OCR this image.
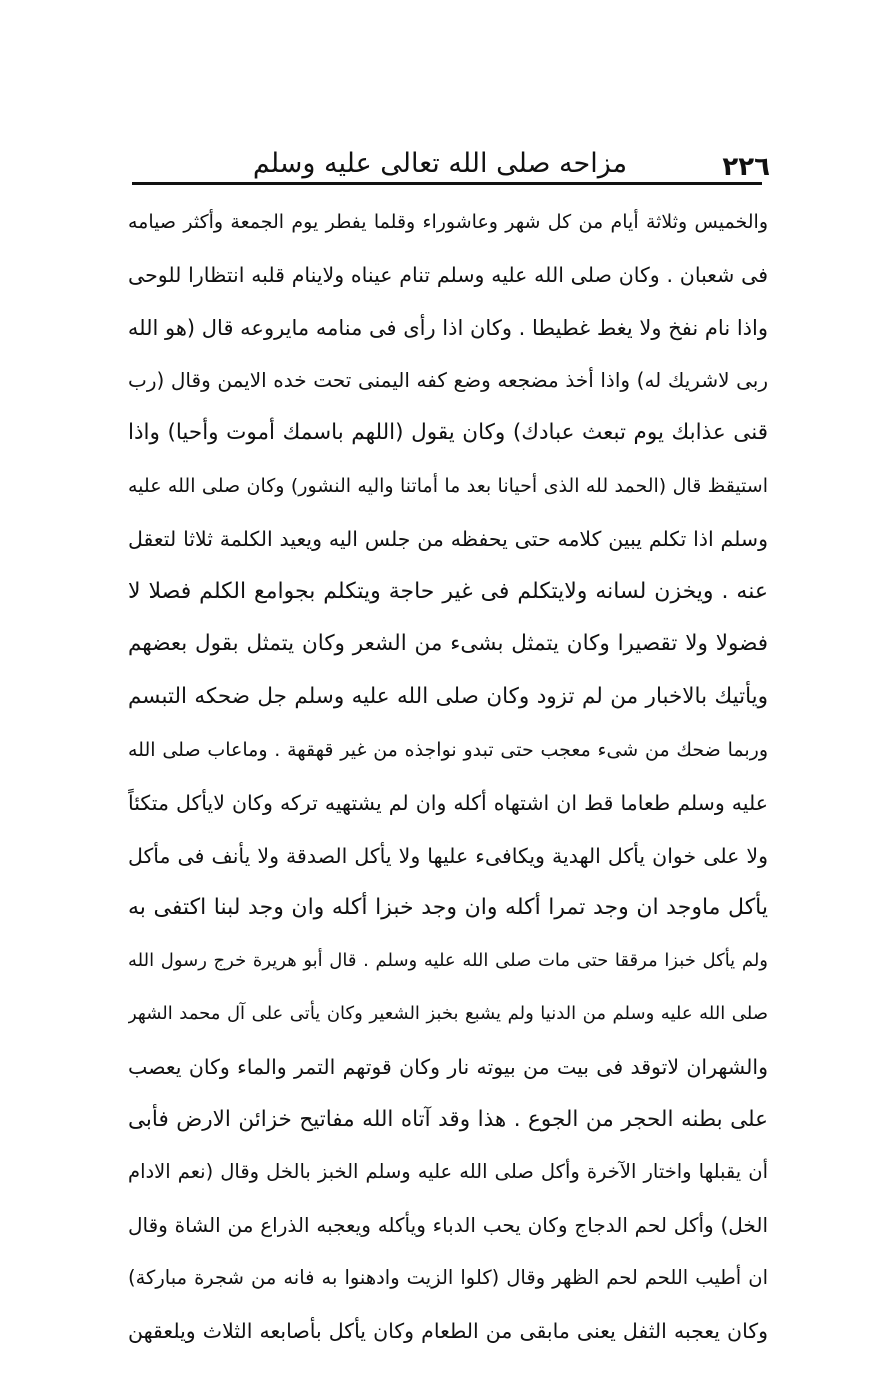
٢٢٦
مزاحه صلى الله تعالى عليه وسلم
والخميس وثلاثة أيام من كل شهر وعاشوراء وقلما يفطر يوم الجمعة وأكثر صيامه
فى شعبان . وكان صلى الله عليه وسلم تنام عيناه ولاينام قلبه انتظارا للوحى
واذا نام نفخ ولا يغط غطيطا . وكان اذا رأى فى منامه مايروعه قال (هو الله
ربى لاشريك له) واذا أخذ مضجعه وضع كفه اليمنى تحت خده الايمن وقال (رب
قنى عذابك يوم تبعث عبادك) وكان يقول (اللهم باسمك أموت وأحيا) واذا
استيقظ قال (الحمد لله الذى أحيانا بعد ما أماتنا واليه النشور) وكان صلى الله عليه
وسلم اذا تكلم يبين كلامه حتى يحفظه من جلس اليه ويعيد الكلمة ثلاثا لتعقل
عنه . ويخزن لسانه ولايتكلم فى غير حاجة ويتكلم بجوامع الكلم فصلا لا
فضولا ولا تقصيرا وكان يتمثل بشىء من الشعر وكان يتمثل بقول بعضهم
ويأتيك بالاخبار من لم تزود وكان صلى الله عليه وسلم جل ضحكه التبسم
وربما ضحك من شىء معجب حتى تبدو نواجذه من غير قهقهة . وماعاب صلى الله
عليه وسلم طعاما قط ان اشتهاه أكله وان لم يشتهيه تركه وكان لايأكل متكئاً
ولا على خوان يأكل الهدية ويكافىء عليها ولا يأكل الصدقة ولا يأنف فى مأكل
يأكل ماوجد ان وجد تمرا أكله وان وجد خبزا أكله وان وجد لبنا اكتفى به
ولم يأكل خبزا مرققا حتى مات صلى الله عليه وسلم . قال أبو هريرة خرج رسول الله
صلى الله عليه وسلم من الدنيا ولم يشبع بخبز الشعير وكان يأتى على آل محمد الشهر
والشهران لاتوقد فى بيت من بيوته نار وكان قوتهم التمر والماء وكان يعصب
على بطنه الحجر من الجوع . هذا وقد آتاه الله مفاتيح خزائن الارض فأبى
أن يقبلها واختار الآخرة وأكل صلى الله عليه وسلم الخبز بالخل وقال (نعم الادام
الخل) وأكل لحم الدجاج وكان يحب الدباء ويأكله ويعجبه الذراع من الشاة وقال
ان أطيب اللحم لحم الظهر وقال (كلوا الزيت وادهنوا به فانه من شجرة مباركة)
وكان يعجبه الثفل يعنى مابقى من الطعام وكان يأكل بأصابعه الثلاث ويلعقهن
